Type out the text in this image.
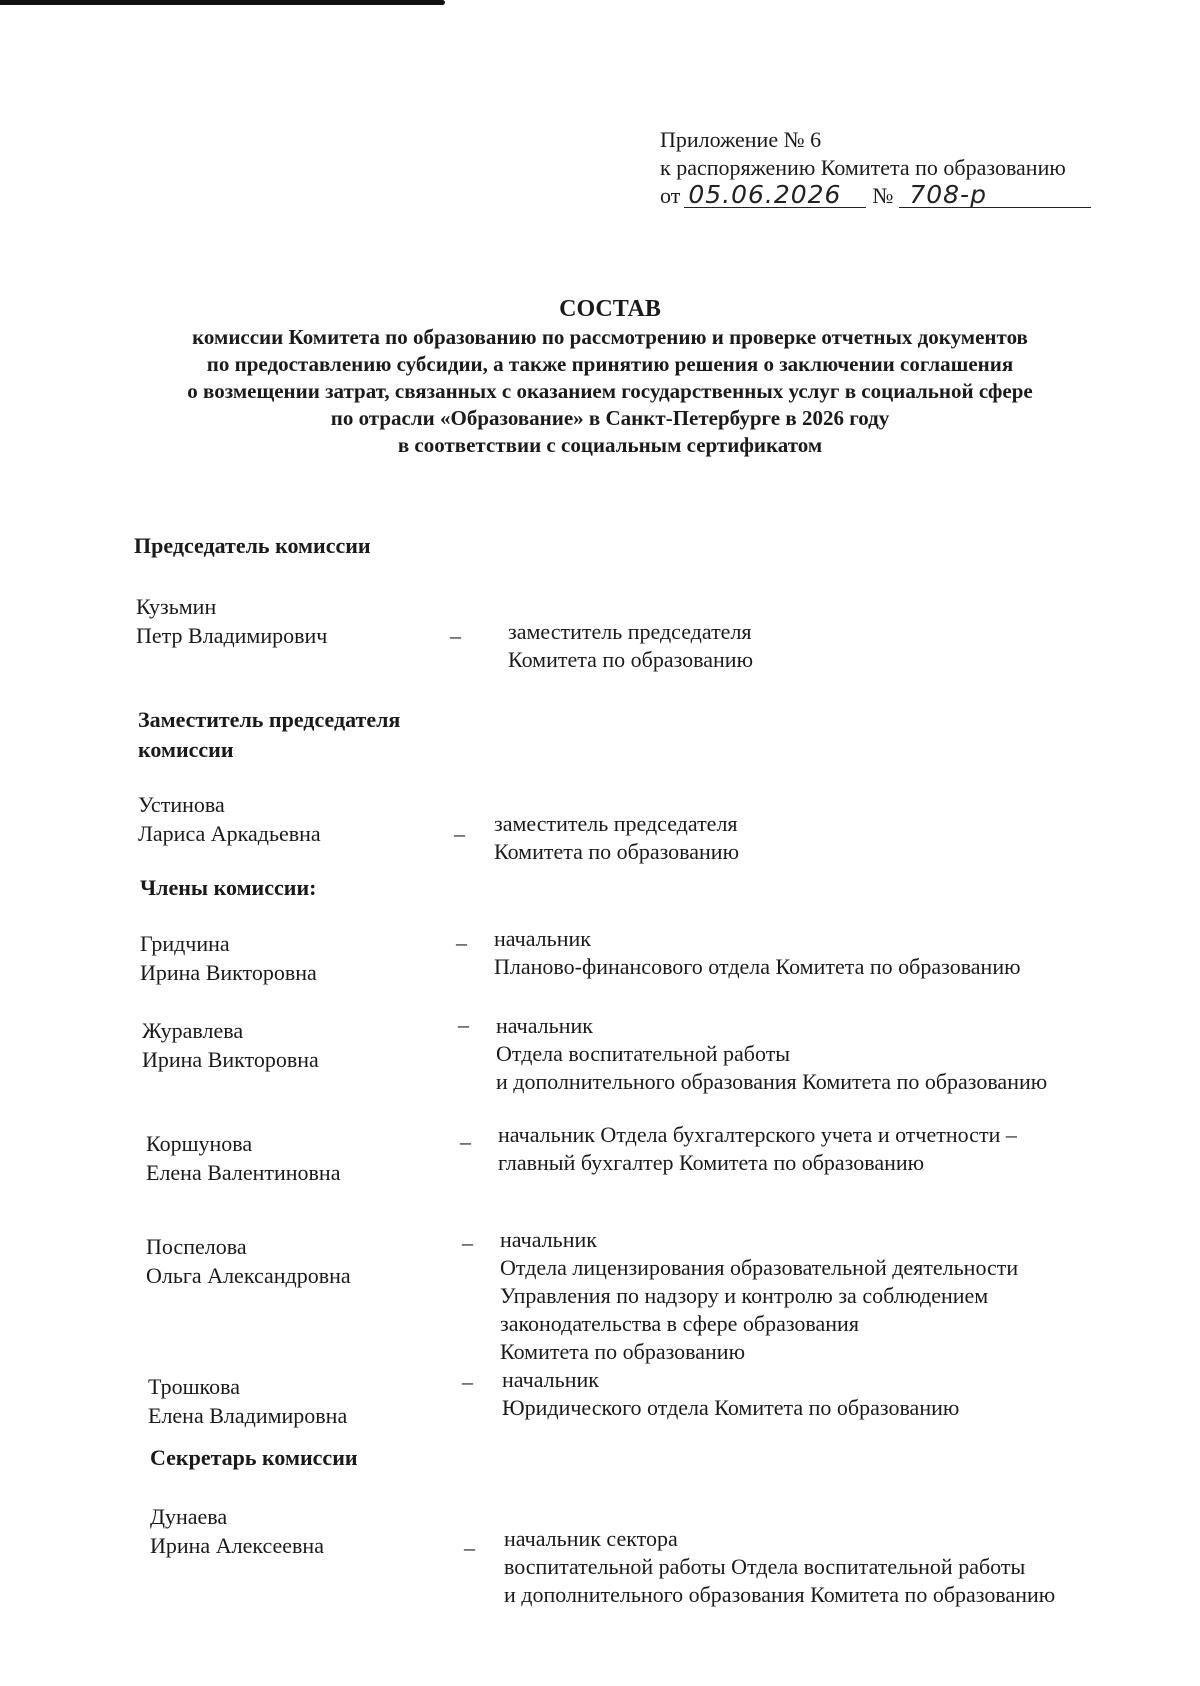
Приложение № 6
к распоряжению Комитета по образованию
от 05.06.2026	№ 708-р
СОСТАВ
комиссии Комитета по образованию по рассмотрению и проверке отчетных документов
по предоставлению субсидии, а также принятию решения о заключении соглашения
о возмещении затрат, связанных с оказанием государственных услуг в социальной сфере
по отрасли «Образование» в Санкт-Петербурге в 2026 году
в соответствии с социальным сертификатом
Председатель комиссии
Кузьмин
Петр Владимирович	– заместитель председателя
Комитета по образованию
Заместитель председателя
комиссии
Устинова
Лариса Аркадьевна	– заместитель председателя
Комитета по образованию
Члены комиссии:
Гридчина
Ирина Викторовна
– начальник
Планово-финансового отдела Комитета по образованию
Журавлева
Ирина Викторовна
– начальник
Отдела воспитательной работы
и дополнительного образования Комитета по образованию
Коршунова
Елена Валентиновна
– начальник Отдела бухгалтерского учета и отчетности –
главный бухгалтер Комитета по образованию
Поспелова
Ольга Александровна
– начальник
Отдела лицензирования образовательной деятельности
Управления по надзору и контролю за соблюдением
законодательства в сфере образования
Комитета по образованию
Трошкова
Елена Владимировна
– начальник
Юридического отдела Комитета по образованию
Секретарь комиссии
Дунаева
Ирина Алексеевна	– начальник сектора
воспитательной работы Отдела воспитательной работы
и дополнительного образования Комитета по образованию
